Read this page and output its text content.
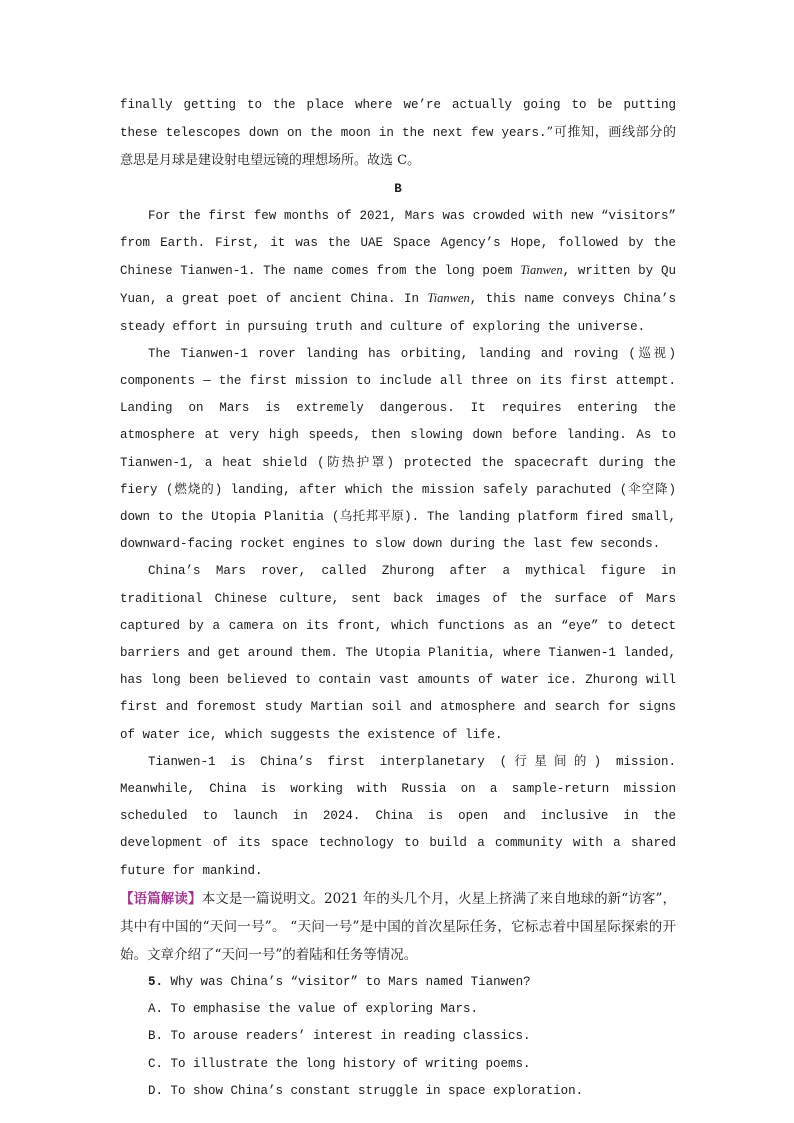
finally getting to the place where we’re actually going to be putting these telescopes down on the moon in the next few years.”可推知，画线部分的意思是月球是建设射电望远镜的理想场所。故选 C。

B

For the first few months of 2021, Mars was crowded with new “visitors” from Earth. First, it was the UAE Space Agency’s Hope, followed by the Chinese Tianwen-1. The name comes from the long poem Tianwen, written by Qu Yuan, a great poet of ancient China. In Tianwen, this name conveys China’s steady effort in pursuing truth and culture of exploring the universe.

The Tianwen-1 rover landing has orbiting, landing and roving (巡视) components — the first mission to include all three on its first attempt. Landing on Mars is extremely dangerous. It requires entering the atmosphere at very high speeds, then slowing down before landing. As to Tianwen-1, a heat shield (防热护罩) protected the spacecraft during the fiery (燃烧的) landing, after which the mission safely parachuted (伞空降) down to the Utopia Planitia (乌托邦平原). The landing platform fired small, downward-facing rocket engines to slow down during the last few seconds.

China’s Mars rover, called Zhurong after a mythical figure in traditional Chinese culture, sent back images of the surface of Mars captured by a camera on its front, which functions as an “eye” to detect barriers and get around them. The Utopia Planitia, where Tianwen-1 landed, has long been believed to contain vast amounts of water ice. Zhurong will first and foremost study Martian soil and atmosphere and search for signs of water ice, which suggests the existence of life.

Tianwen-1 is China’s first interplanetary (行星间的) mission. Meanwhile, China is working with Russia on a sample-return mission scheduled to launch in 2024. China is open and inclusive in the development of its space technology to build a community with a shared future for mankind.

【语篇解读】本文是一篇说明文。2021 年的头几个月，火星上挤满了来自地球的新“访客”，其中有中国的“天问一号”。 “天问一号”是中国的首次星际任务，它标志着中国星际探索的开始。文章介绍了“天问一号”的着陆和任务等情况。

5. Why was China’s “visitor” to Mars named Tianwen?

A. To emphasise the value of exploring Mars.

B. To arouse readers’ interest in reading classics.

C. To illustrate the long history of writing poems.

D. To show China’s constant struggle in space exploration.
